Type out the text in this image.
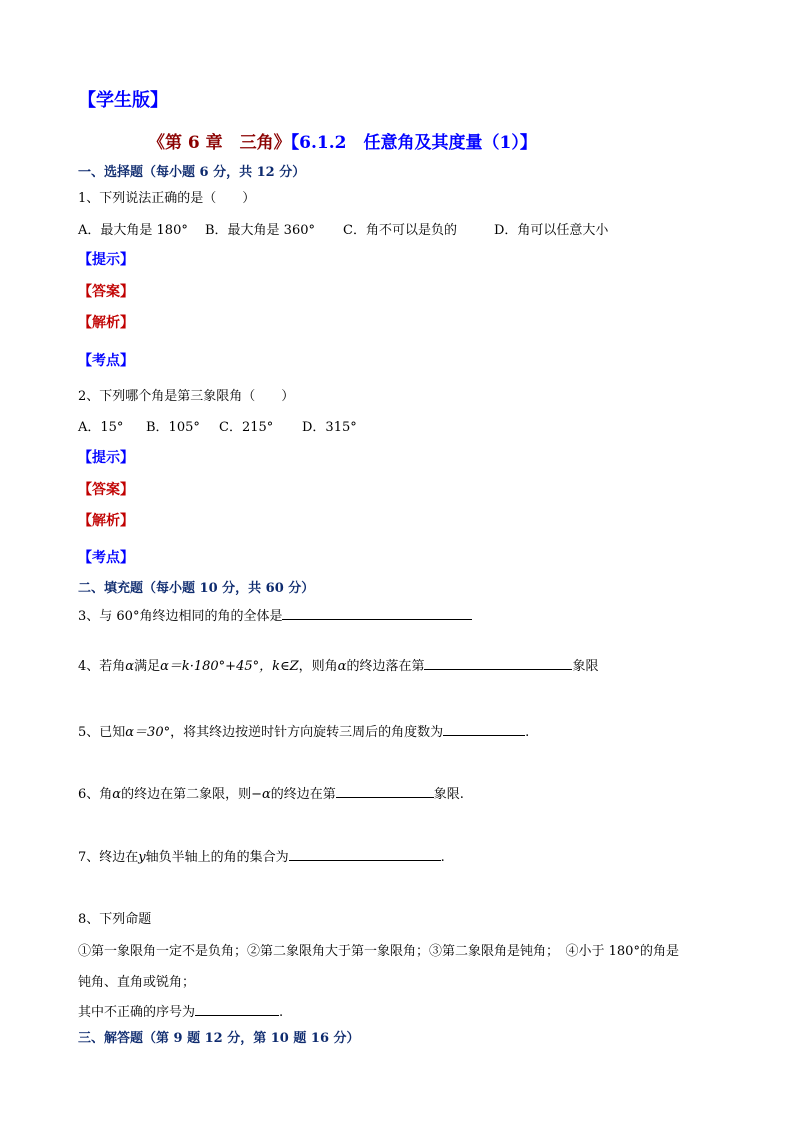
【学生版】
《第 6 章　三角》【6.1.2　任意角及其度量（1）】
一、选择题（每小题 6 分，共 12 分）
1、下列说法正确的是（　　）
A．最大角是 180° B．最大角是 360° C．角不可以是负的	D．角可以任意大小
【提示】
【答案】
【解析】
【考点】
2、下列哪个角是第三象限角（　　）
A．15° B．105° C．215° D．315°
【提示】
【答案】
【解析】
【考点】
二、填充题（每小题 10 分，共 60 分）
3、与 60°角终边相同的角的全体是
4、若角α满足α＝k·180°+45°，k∈Z，则角α的终边落在第	象限
5、已知α＝30°，将其终边按逆时针方向旋转三周后的角度数为	.
6、角α的终边在第二象限，则−α的终边在第	象限.
7、终边在y轴负半轴上的角的集合为	.
8、下列命题
①第一象限角一定不是负角；②第二象限角大于第一象限角；③第二象限角是钝角；　④小于 180°的角是
钝角、直角或锐角；
其中不正确的序号为	.
三、解答题（第 9 题 12 分，第 10 题 16 分）
